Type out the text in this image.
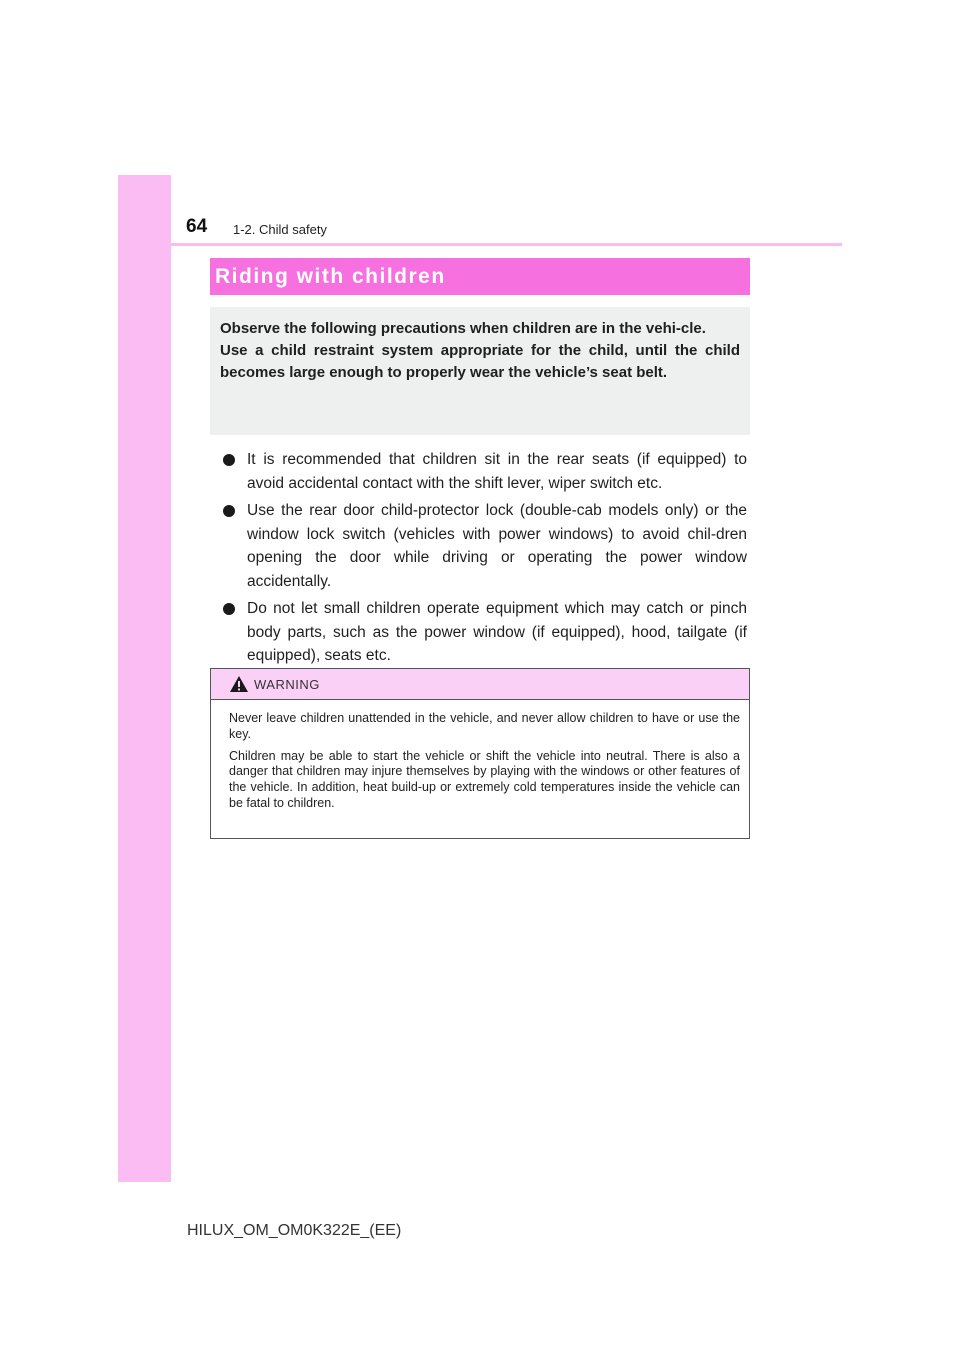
64 1-2. Child safety
Riding with children

Observe the following precautions when children are in the vehi-cle.

Use a child restraint system appropriate for the child, until the child becomes large enough to properly wear the vehicle’s seat belt.

It is recommended that children sit in the rear seats (if equipped) to avoid accidental contact with the shift lever, wiper switch etc.
Use the rear door child-protector lock (double-cab models only) or the window lock switch (vehicles with power windows) to avoid chil-dren opening the door while driving or operating the power window accidentally.
Do not let small children operate equipment which may catch or pinch body parts, such as the power window (if equipped), hood, tailgate (if equipped), seats etc.
WARNING

Never leave children unattended in the vehicle, and never allow children to have or use the key.

Children may be able to start the vehicle or shift the vehicle into neutral. There is also a danger that children may injure themselves by playing with the windows or other features of the vehicle. In addition, heat build-up or extremely cold temperatures inside the vehicle can be fatal to children.

HILUX_OM_OM0K322E_(EE)
